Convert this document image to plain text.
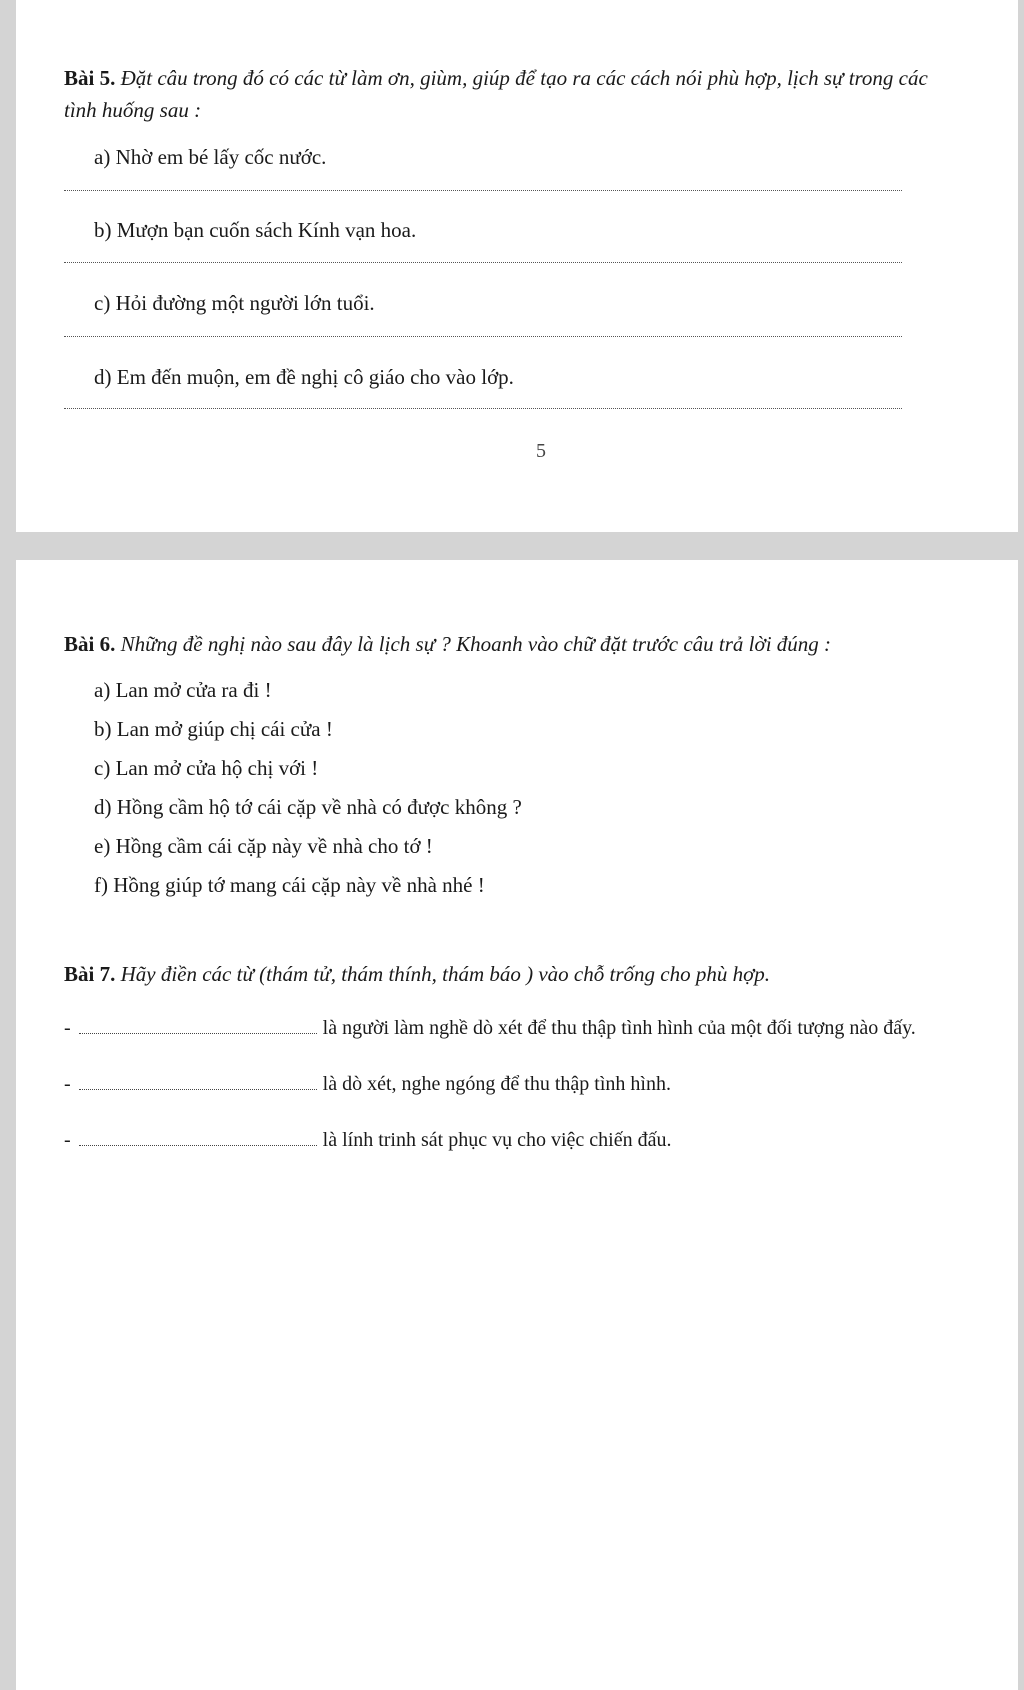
Bài 5. Đặt câu trong đó có các từ làm ơn, giùm, giúp để tạo ra các cách nói phù hợp, lịch sự trong các
tình huống sau :
a) Nhờ em bé lấy cốc nước.
b) Mượn bạn cuốn sách Kính vạn hoa.
c) Hỏi đường một người lớn tuổi.
d) Em đến muộn, em đề nghị cô giáo cho vào lớp.
5
Bài 6. Những đề nghị nào sau đây là lịch sự ? Khoanh vào chữ đặt trước câu trả lời đúng :
a) Lan mở cửa ra đi !
b) Lan mở giúp chị cái cửa !
c) Lan mở cửa hộ chị với !
d) Hồng cầm hộ tớ cái cặp về nhà có được không ?
e) Hồng cầm cái cặp này về nhà cho tớ !
f) Hồng giúp tớ mang cái cặp này về nhà nhé !
Bài 7. Hãy điền các từ (thám tử, thám thính, thám báo ) vào chỗ trống cho phù hợp.
-	là người làm nghề dò xét để thu thập tình hình của một đối tượng nào đấy.
-	là dò xét, nghe ngóng để thu thập tình hình.
-	là lính trinh sát phục vụ cho việc chiến đấu.
